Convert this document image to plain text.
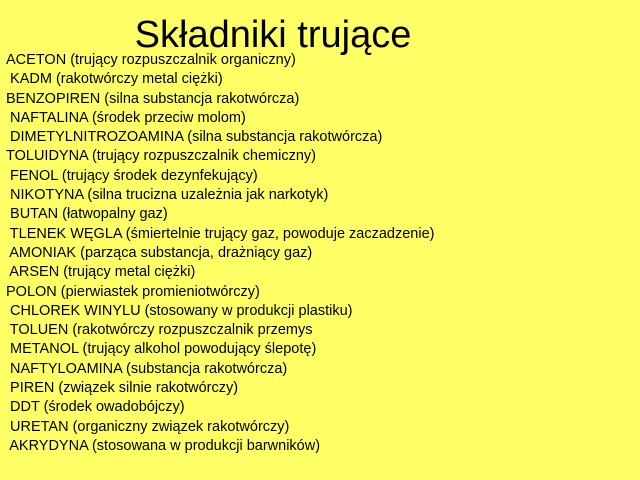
Składniki trujące
ACETON (trujący rozpuszczalnik organiczny)
KADM (rakotwórczy metal ciężki)
BENZOPIREN (silna substancja rakotwórcza)
NAFTALINA (środek przeciw molom)
DIMETYLNITROZOAMINA (silna substancja rakotwórcza)
TOLUIDYNA (trujący rozpuszczalnik chemiczny)
FENOL (trujący środek dezynfekujący)
NIKOTYNA (silna trucizna uzależnia jak narkotyk)
BUTAN (łatwopalny gaz)
TLENEK WĘGLA (śmiertelnie trujący gaz, powoduje zaczadzenie)
AMONIAK (parząca substancja, drażniący gaz)
ARSEN (trujący metal ciężki)
POLON (pierwiastek promieniotwórczy)
CHLOREK WINYLU (stosowany w produkcji plastiku)
TOLUEN (rakotwórczy rozpuszczalnik przemys
METANOL (trujący alkohol powodujący ślepotę)
NAFTYLOAMINA (substancja rakotwórcza)
PIREN (związek silnie rakotwórczy)
DDT (środek owadobójczy)
URETAN (organiczny związek rakotwórczy)
AKRYDYNA (stosowana w produkcji barwników)
